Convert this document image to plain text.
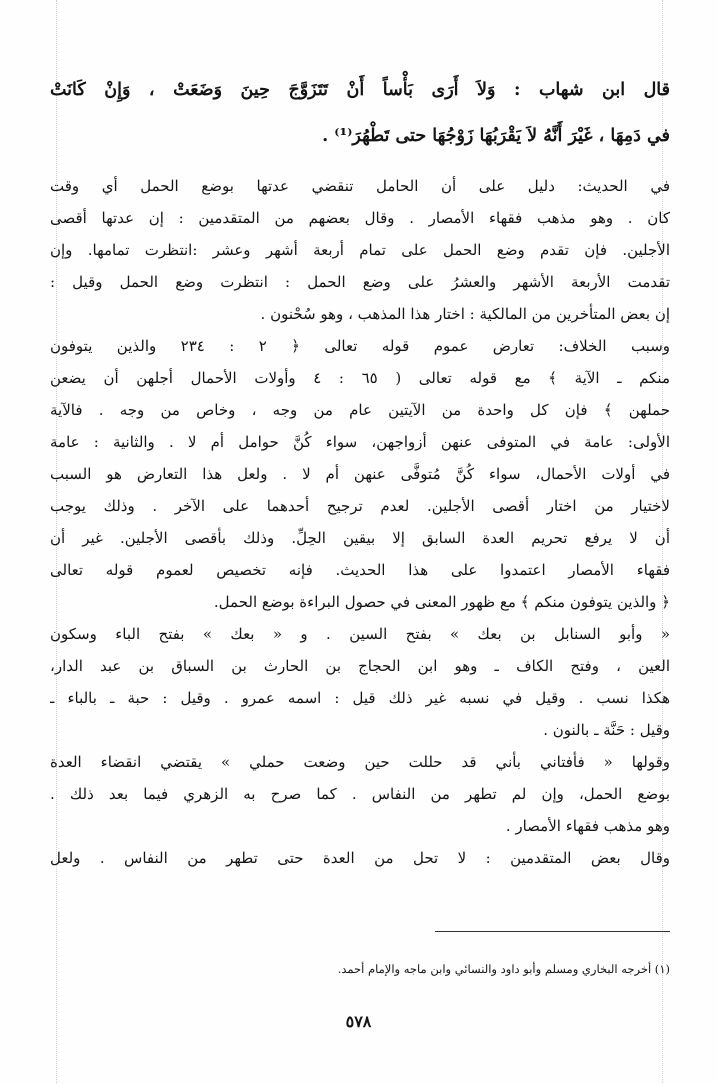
قال ابن شهاب : وَلاَ أَرَى بَأْساً أَنْ تَتَزَوَّجَ حِينَ وَضَعَتْ ، وَإِنْ كَانَتْ
في دَمِهَا ، غَيْرَ أَنَّهُ لاَ يَقْرَبُهَا زَوْجُهَا حتى تَطْهُرَ⁽¹⁾ .
في الحديث: دليل على أن الحامل تنقضي عدتها بوضع الحمل أي وقت
كان . وهو مذهب فقهاء الأمصار . وقال بعضهم من المتقدمين : إن عدتها أقصى
الأجلين. فإن تقدم وضع الحمل على تمام أربعة أشهر وعشر :انتظرت تمامها. وإن
تقدمت الأربعة الأشهر والعشرُ على وضع الحمل : انتظرت وضع الحمل وقيل :
إن بعض المتأخرين من المالكية : اختار هذا المذهب ، وهو سُحْنون .
وسبب الخلاف: تعارض عموم قوله تعالى ﴿ ٢ : ٢٣٤ والذين يتوفون
منكم ـ الآية ﴾ مع قوله تعالى ( ٦٥ : ٤ وأولات الأحمال أجلهن أن يضعن
حملهن ﴾ فإن كل واحدة من الآيتين عام من وجه ، وخاص من وجه . فالآية
الأولى: عامة في المتوفى عنهن أزواجهن، سواء كُنَّ حوامل أم لا . والثانية : عامة
في أولات الأحمال، سواء كُنَّ مُتوفَّى عنهن أم لا . ولعل هذا التعارض هو السبب
لاختيار من اختار أقصى الأجلين. لعدم ترجيح أحدهما على الآخر . وذلك يوجب
أن لا يرفع تحريم العدة السابق إلا بيقين الحِلِّ. وذلك بأقصى الأجلين. غير أن
فقهاء الأمصار اعتمدوا على هذا الحديث. فإنه تخصيص لعموم قوله تعالى
﴿ والذين يتوفون منكم ﴾ مع ظهور المعنى في حصول البراءة بوضع الحمل.
« وأبو السنابل بن بعك » بفتح السين . و « بعك » بفتح الباء وسكون
العين ، وفتح الكاف ـ وهو ابن الحجاج بن الحارث بن السباق بن عبد الدار،
هكذا نسب . وقيل في نسبه غير ذلك قيل : اسمه عمرو . وقيل : حبة ـ بالباء ـ
وقيل : حَنَّة ـ بالنون .
وقولها « فأفتاني بأني قد حللت حين وضعت حملي » يقتضي انقضاء العدة
بوضع الحمل، وإن لم تطهر من النفاس . كما صرح به الزهري فيما بعد ذلك .
وهو مذهب فقهاء الأمصار .
وقال بعض المتقدمين : لا تحل من العدة حتى تطهر من النفاس . ولعل
(١) أخرجه البخاري ومسلم وأبو داود والنسائي وابن ماجه والإمام أحمد.
٥٧٨
